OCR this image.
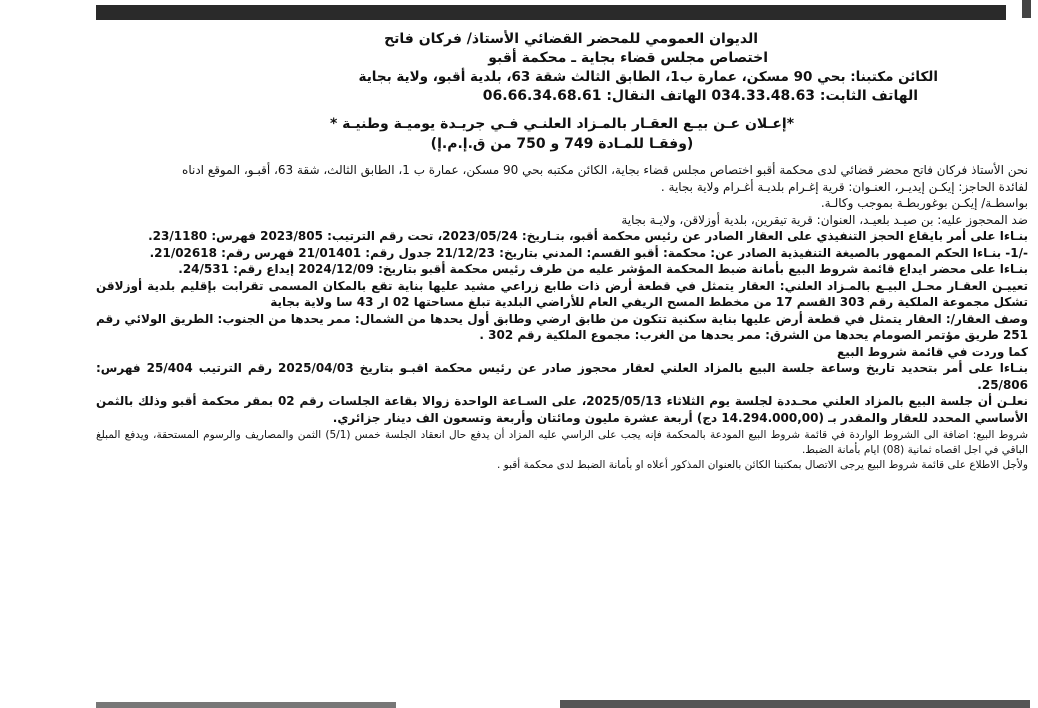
الديوان العمومي للمحضر القضائي الأستاذ/ فركان فاتح

اختصاص مجلس قضاء بجاية ـ محكمة أقبو

الكائن مكتبنا: بحي 90 مسكن، عمارة ب1، الطابق الثالث شقة 63، بلدية أقبو، ولاية بجاية

الهاتف الثابت: 034.33.48.63 الهاتف النقال: 06.66.34.68.61

*إعـلان عـن بيـع العقـار بالمـزاد العلنـي فـي جريـدة يوميـة وطنيـة *

(وفقـا للمـادة 749 و 750 من ق.إ.م.إ)

نحن الأستاذ فركان فاتح محضر قضائي لدى محكمة أقبو اختصاص مجلس قضاء بجاية، الكائن مكتبه بحي 90 مسكن، عمارة ب 1، الطابق الثالث، شقة 63، أقبـو، الموقع ادناه

لفائدة الحاجز: إيكـن إيديـر، العنـوان: قرية إغـرام بلديـة أغـرام ولاية بجاية .

بواسطـة/ إيكـن بوغوربطـة بموجب وكالـة.

ضد المحجوز عليه: بن صيـد بلعيـد، العنوان: قرية تيقرين، بلدية أوزلاقن، ولايـة بجاية

بنـاءا على أمر بايقاع الحجز التنفيذي على العقار الصادر عن رئيس محكمة أقبو، بتـاريخ: 2023/05/24، تحت رقم الترتيب: 2023/805 فهرس: 23/1180.

-/1- بنـاءا الحكم الممهور بالصيغة التنفيذية الصادر عن: محكمة: أقبو القسم: المدني بتاريخ: 21/12/23 جدول رقم: 21/01401 فهرس رقم: 21/02618.

بنـاءا على محضر ايداع قائمة شروط البيع بأمانة ضبط المحكمة المؤشر عليه من طرف رئيس محكمة أقبو بتاريخ: 2024/12/09 إيداع رقم: 24/531.

تعييـن العقـار محـل البيـع بالمـزاد العلني: العقار يتمثل في قطعة أرض ذات طابع زراعي مشيد عليها بناية تقع بالمكان المسمى تقرابت بإقليم بلدية أوزلاقن تشكل مجموعة الملكية رقم 303 القسم 17 من مخطط المسح الريفي العام للأراضي البلدية تبلغ مساحتها 02 ار 43 سا ولاية بجاية

وصف العقار/: العقار يتمثل في قطعة أرض عليها بناية سكنية تتكون من طابق ارضي وطابق أول يحدها من الشمال: ممر يحدها من الجنوب: الطريق الولائي رقم 251 طريق مؤتمر الصومام يحدها من الشرق: ممر يحدها من الغرب: مجموع الملكية رقم 302 .

كما وردت في قائمة شروط البيع

بنـاءا على أمر بتحديد تاريخ وساعة جلسة البيع بالمزاد العلني لعقار محجوز صادر عن رئيس محكمة اقبـو بتاريخ 2025/04/03 رقم الترتيب 25/404 فهرس: 25/806.

نعلـن أن جلسة البيع بالمزاد العلني محـددة لجلسة يوم الثلاثاء 2025/05/13، على السـاعة الواحدة زوالا بقاعة الجلسات رقم 02 بمقر محكمة أقبو وذلك بالثمن الأساسي المحدد للعقار والمقدر بـ (14.294.000,00 دج) أربعة عشرة مليون ومائتان وأربعة وتسعون الف دينار جزائري.

شروط البيع: اضافة الى الشروط الواردة في قائمة شروط البيع المودعة بالمحكمة فإنه يجب على الراسي عليه المزاد أن يدفع حال انعقاد الجلسة خمس (5/1) الثمن والمصاريف والرسوم المستحقة، ويدفع المبلغ الباقي في اجل اقصاه ثمانية (08) ايام بأمانة الضبط.

ولأجل الاطلاع على قائمة شروط البيع يرجى الاتصال بمكتبنا الكائن بالعنوان المذكور أعلاه او بأمانة الضبط لدى محكمة أقبو .
